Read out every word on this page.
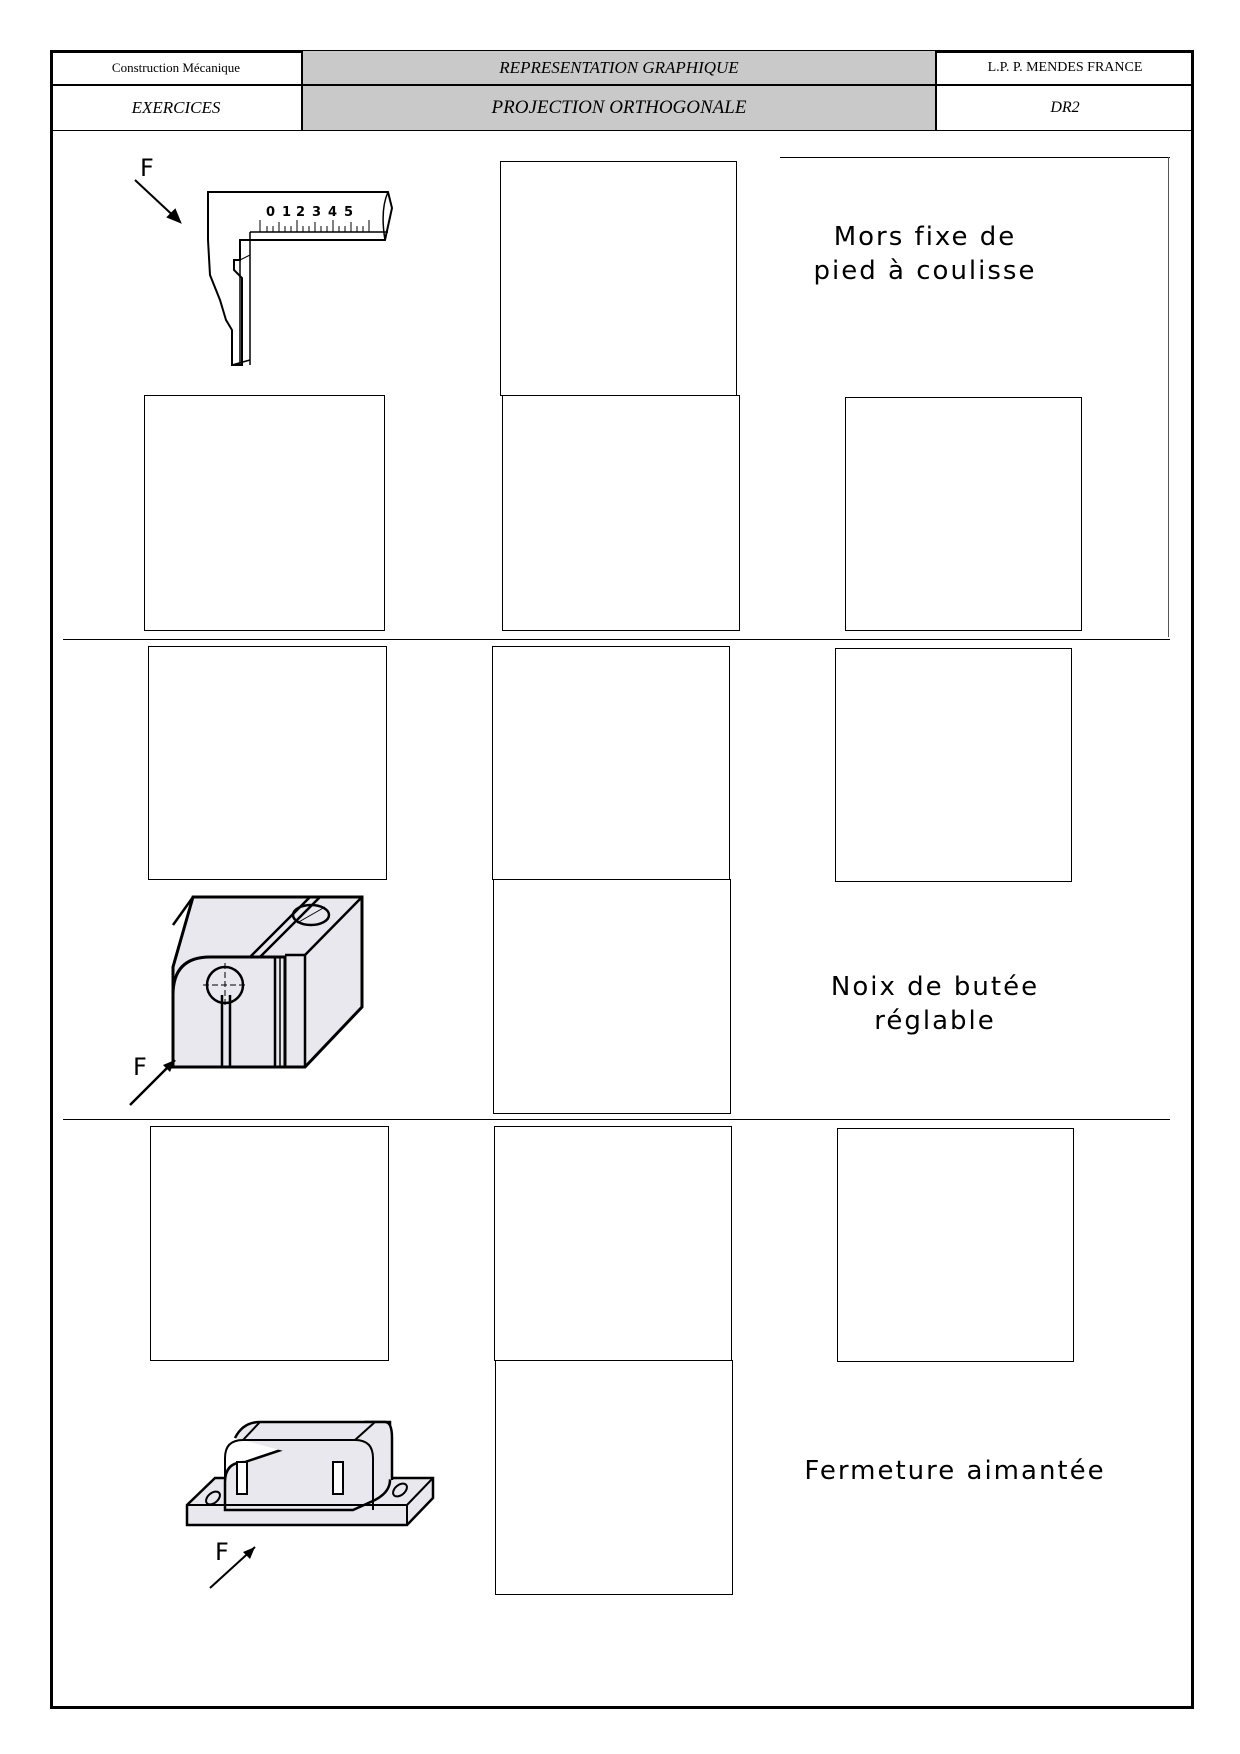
Construction Mécanique	REPRESENTATION GRAPHIQUE	L.P. P. MENDES FRANCE
EXERCICES	PROJECTION ORTHOGONALE	DR2
F
0 1 2 3 4 5
Mors fixe de
pied à coulisse
F
Noix de butée
réglable
F
Fermeture aimantée
